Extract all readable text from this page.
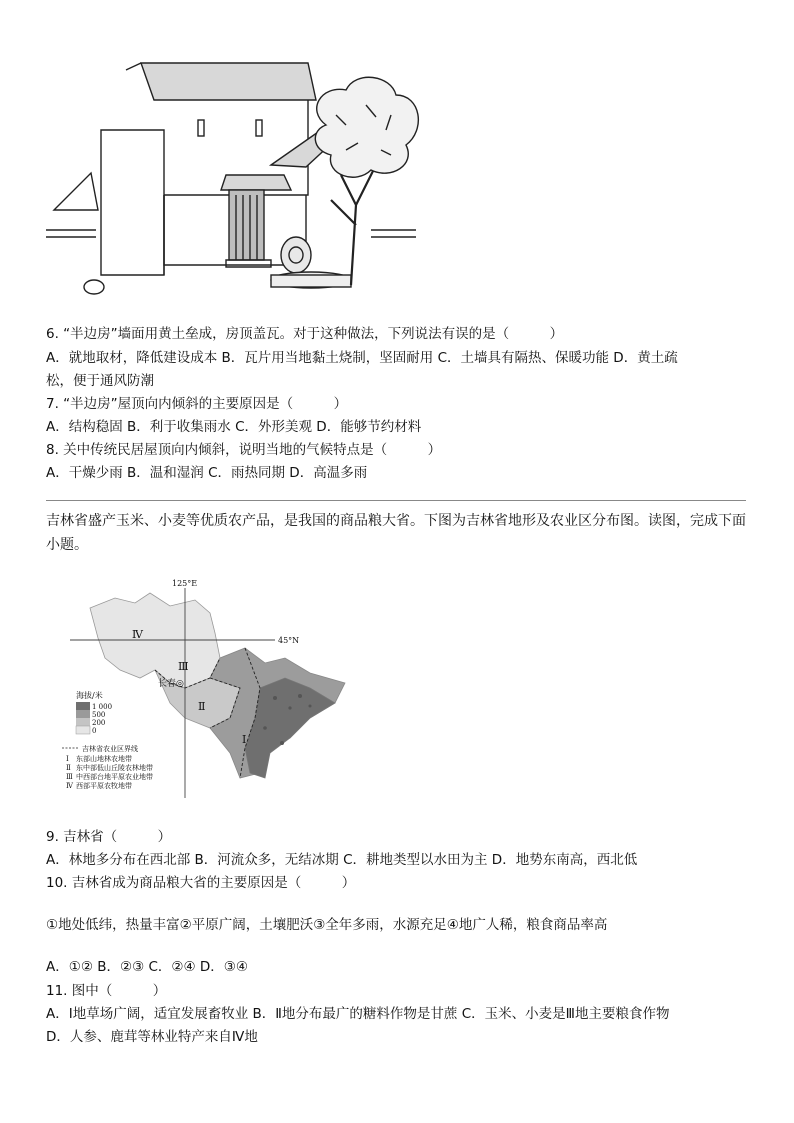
6. “半边房”墙面用黄土垒成，房顶盖瓦。对于这种做法，下列说法有误的是（　　　）
A．就地取材，降低建设成本 B．瓦片用当地黏土烧制，坚固耐用 C．土墙具有隔热、保暖功能 D．黄土疏
松，便于通风防潮
7. “半边房”屋顶向内倾斜的主要原因是（　　　）
A．结构稳固 B．利于收集雨水 C．外形美观 D．能够节约材料
8. 关中传统民居屋顶向内倾斜，说明当地的气候特点是（　　　）
A．干燥少雨 B．温和湿润 C．雨热同期 D．高温多雨
吉林省盛产玉米、小麦等优质农产品，是我国的商品粮大省。下图为吉林省地形及农业区分布图。读图，完成下面小题。
125°E
45°N
Ⅳ
Ⅲ
Ⅱ
Ⅰ
长春◎
海拔/米
1 000
500
200
0
吉林省农业区界线
Ⅰ 东部山地林农地带
Ⅱ 东中部低山丘陵农林地带
Ⅲ 中西部台地平原农业地带
Ⅳ 西部平原农牧地带
9. 吉林省（　　　）
A．林地多分布在西北部 B．河流众多，无结冰期 C．耕地类型以水田为主 D．地势东南高，西北低
10. 吉林省成为商品粮大省的主要原因是（　　　）
①地处低纬，热量丰富②平原广阔，土壤肥沃③全年多雨，水源充足④地广人稀，粮食商品率高
A．①② B．②③ C．②④ D．③④
11. 图中（　　　）
A．Ⅰ地草场广阔，适宜发展畜牧业 B．Ⅱ地分布最广的糖料作物是甘蔗 C．玉米、小麦是Ⅲ地主要粮食作物
D．人参、鹿茸等林业特产来自Ⅳ地
